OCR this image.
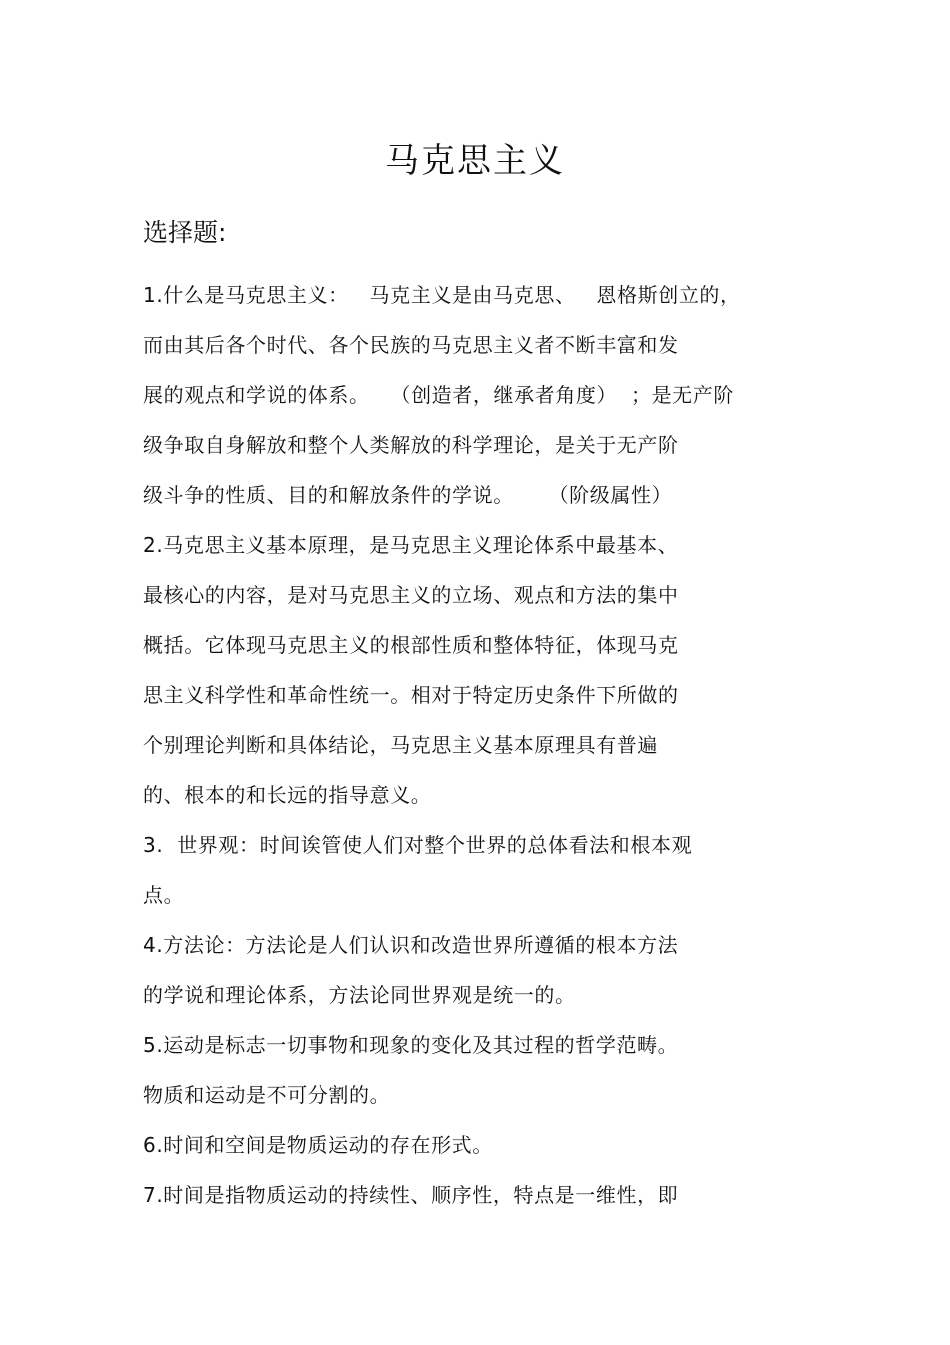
马克思主义
选择题:
1.什么是马克思主义：   马克主义是由马克思、   恩格斯创立的，
而由其后各个时代、各个民族的马克思主义者不断丰富和发
展的观点和学说的体系。   （创造者，继承者角度）  ；是无产阶
级争取自身解放和整个人类解放的科学理论，是关于无产阶
级斗争的性质、目的和解放条件的学说。     （阶级属性）
2.马克思主义基本原理，是马克思主义理论体系中最基本、
最核心的内容，是对马克思主义的立场、观点和方法的集中
概括。它体现马克思主义的根部性质和整体特征，体现马克
思主义科学性和革命性统一。相对于特定历史条件下所做的
个别理论判断和具体结论，马克思主义基本原理具有普遍
的、根本的和长远的指导意义。
3.  世界观：时间诶管使人们对整个世界的总体看法和根本观
点。
4.方法论：方法论是人们认识和改造世界所遵循的根本方法
的学说和理论体系，方法论同世界观是统一的。
5.运动是标志一切事物和现象的变化及其过程的哲学范畴。
物质和运动是不可分割的。
6.时间和空间是物质运动的存在形式。
7.时间是指物质运动的持续性、顺序性，特点是一维性，即
